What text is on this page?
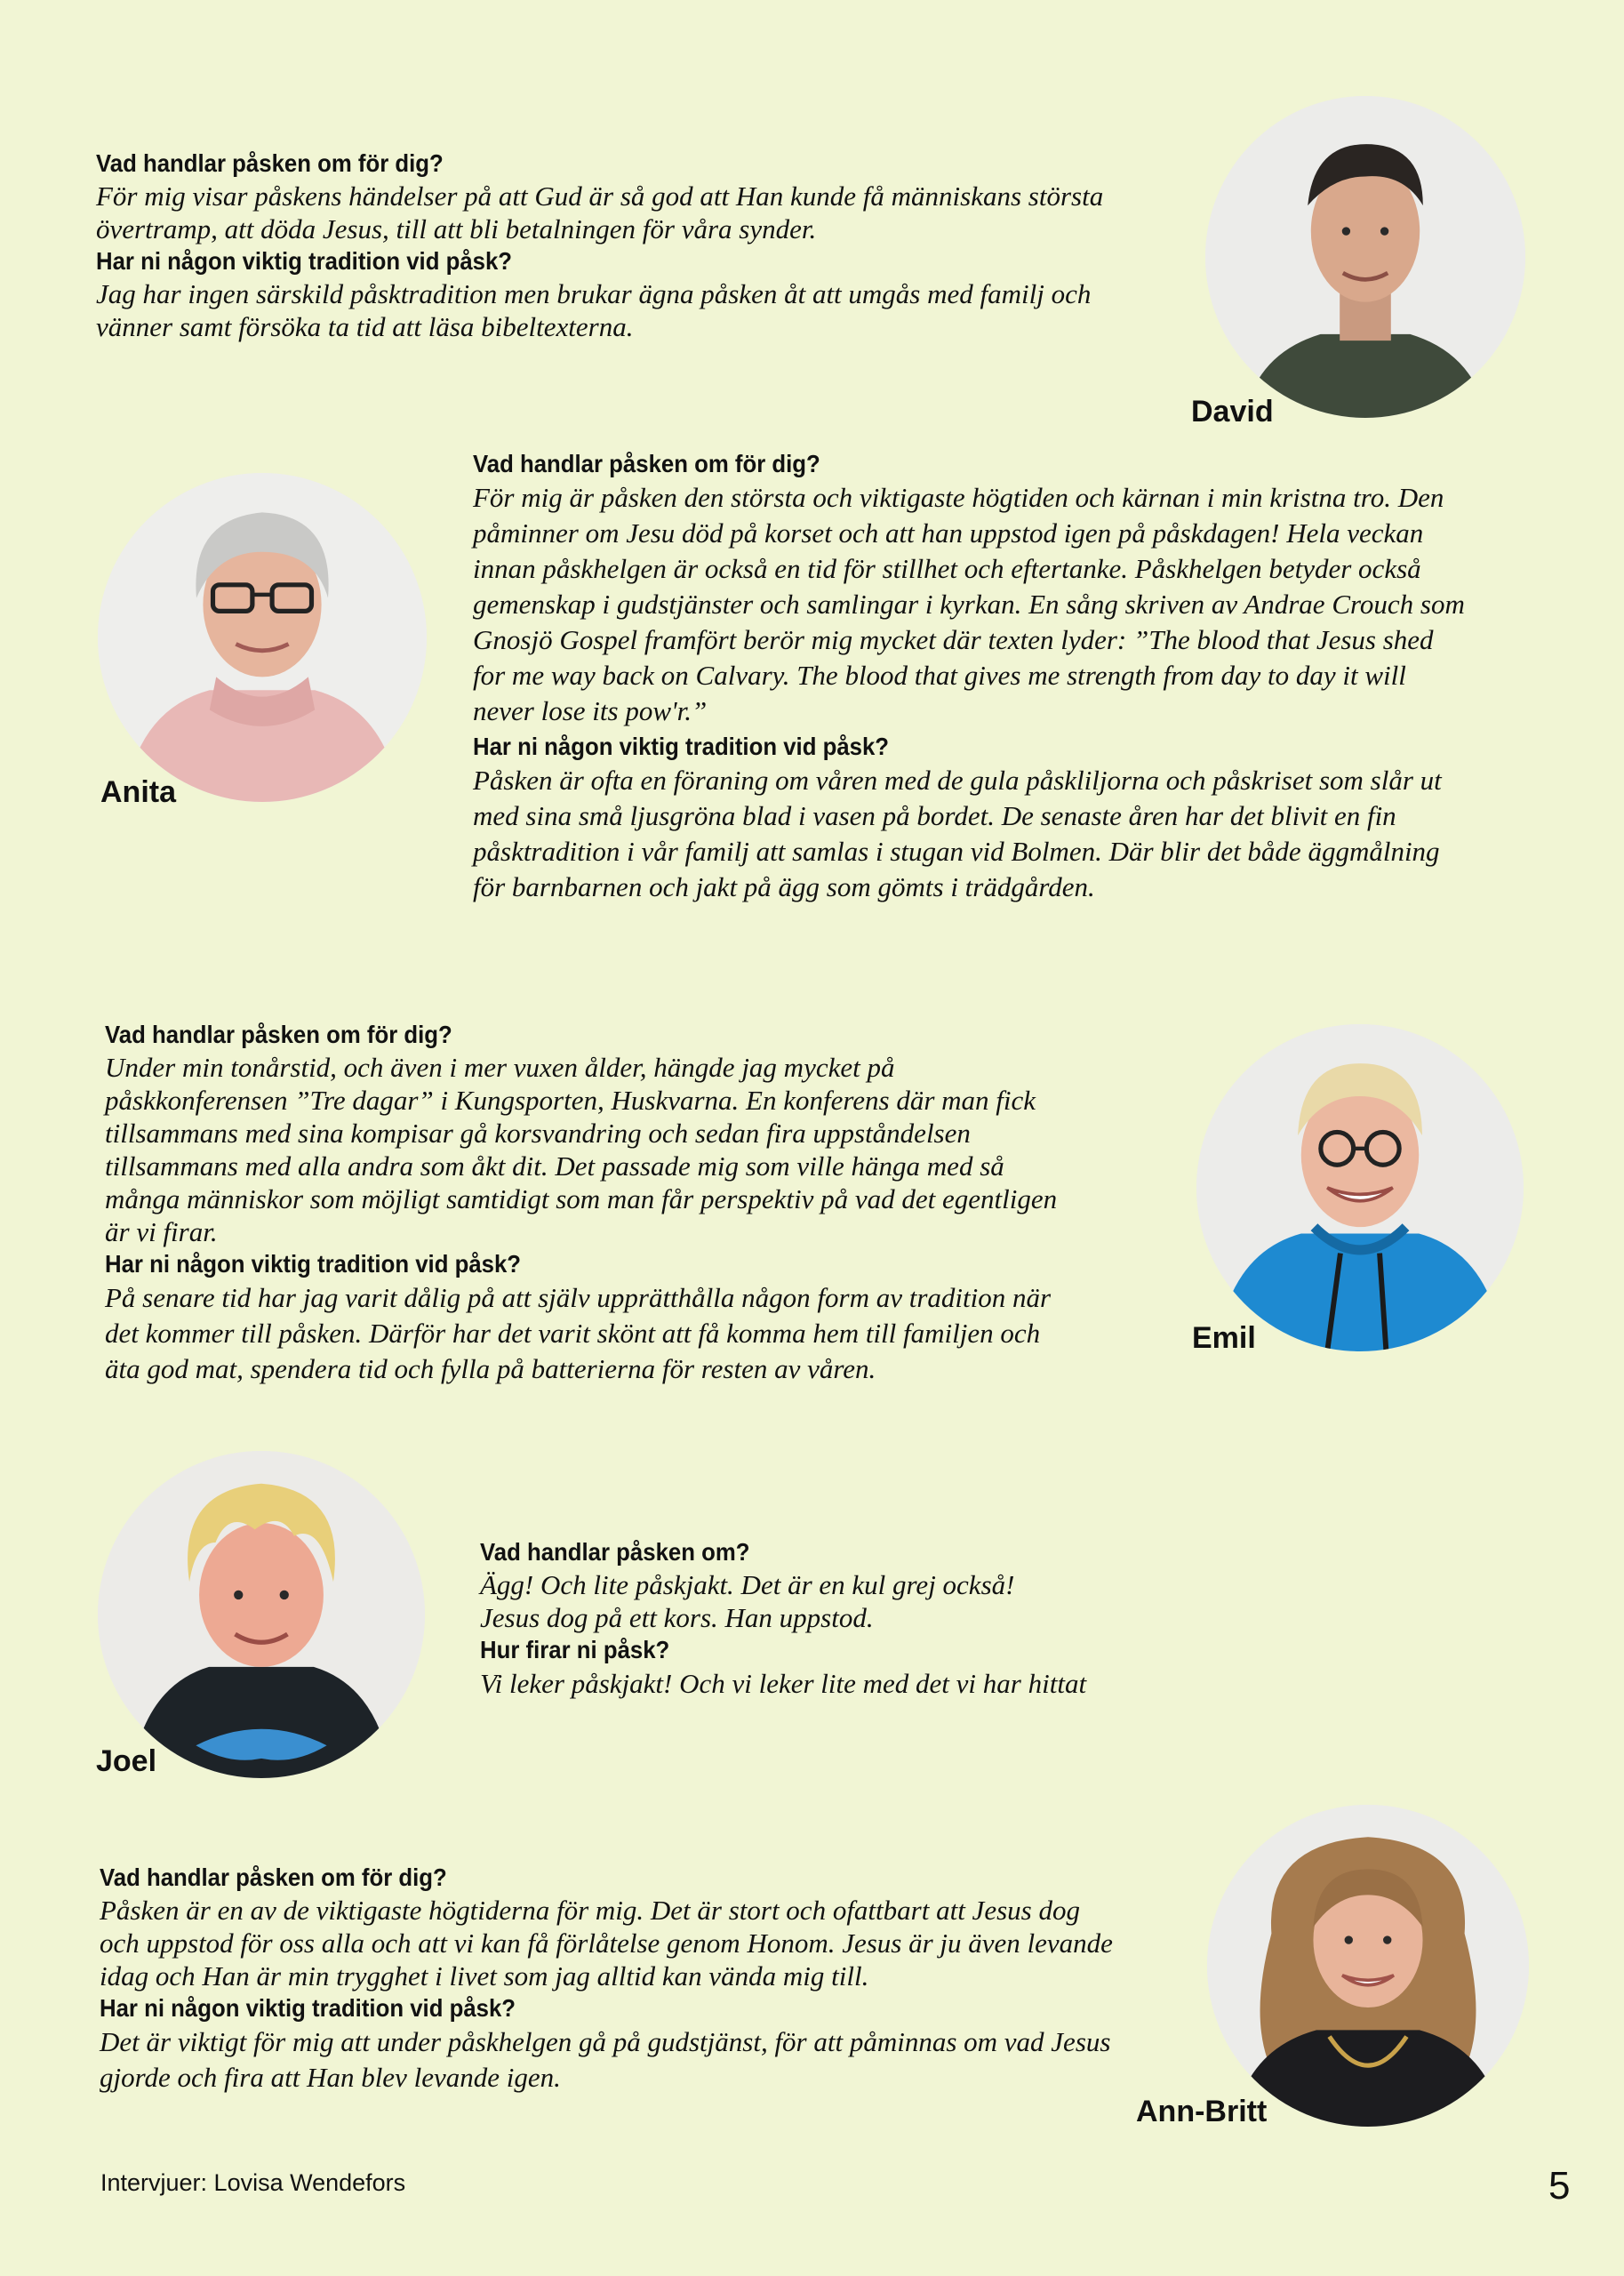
Vad handlar påsken om för dig?

För mig visar påskens händelser på att Gud är så god att Han kunde få människans största
övertramp, att döda Jesus, till att bli betalningen för våra synder.

Har ni någon viktig tradition vid påsk?

Jag har ingen särskild påsktradition men brukar ägna påsken åt att umgås med familj och
vänner samt försöka ta tid att läsa bibeltexterna.

David

Anita

Vad handlar påsken om för dig?

För mig är påsken den största och viktigaste högtiden och kärnan i min kristna tro. Den
påminner om Jesu död på korset och att han uppstod igen på påskdagen! Hela veckan
innan påskhelgen är också en tid för stillhet och eftertanke. Påskhelgen betyder också
gemenskap i gudstjänster och samlingar i kyrkan. En sång skriven av Andrae Crouch som
Gnosjö Gospel framfört berör mig mycket där texten lyder: ”The blood that Jesus shed
for me way back on Calvary. The blood that gives me strength from day to day it will
never lose its pow'r.”

Har ni någon viktig tradition vid påsk?

Påsken är ofta en föraning om våren med de gula påskliljorna och påskriset som slår ut
med sina små ljusgröna blad i vasen på bordet. De senaste åren har det blivit en fin
påsktradition i vår familj att samlas i stugan vid Bolmen. Där blir det både äggmålning
för barnbarnen och jakt på ägg som gömts i trädgården.

Vad handlar påsken om för dig?

Under min tonårstid, och även i mer vuxen ålder, hängde jag mycket på
påskkonferensen ”Tre dagar” i Kungsporten, Huskvarna. En konferens där man fick
tillsammans med sina kompisar gå korsvandring och sedan fira uppståndelsen
tillsammans med alla andra som åkt dit. Det passade mig som ville hänga med så
många människor som möjligt samtidigt som man får perspektiv på vad det egentligen
är vi firar.

Har ni någon viktig tradition vid påsk?

På senare tid har jag varit dålig på att själv upprätthålla någon form av tradition när
det kommer till påsken. Därför har det varit skönt att få komma hem till familjen och
äta god mat, spendera tid och fylla på batterierna för resten av våren.

Emil

Joel

Vad handlar påsken om?

Ägg! Och lite påskjakt. Det är en kul grej också!
Jesus dog på ett kors. Han uppstod.

Hur firar ni påsk?

Vi leker påskjakt! Och vi leker lite med det vi har hittat

Vad handlar påsken om för dig?

Påsken är en av de viktigaste högtiderna för mig. Det är stort och ofattbart att Jesus dog
och uppstod för oss alla och att vi kan få förlåtelse genom Honom. Jesus är ju även levande
idag och Han är min trygghet i livet som jag alltid kan vända mig till.

Har ni någon viktig tradition vid påsk?

Det är viktigt för mig att under påskhelgen gå på gudstjänst, för att påminnas om vad Jesus
gjorde och fira att Han blev levande igen.

Ann-Britt

Intervjuer: Lovisa Wendefors	5
